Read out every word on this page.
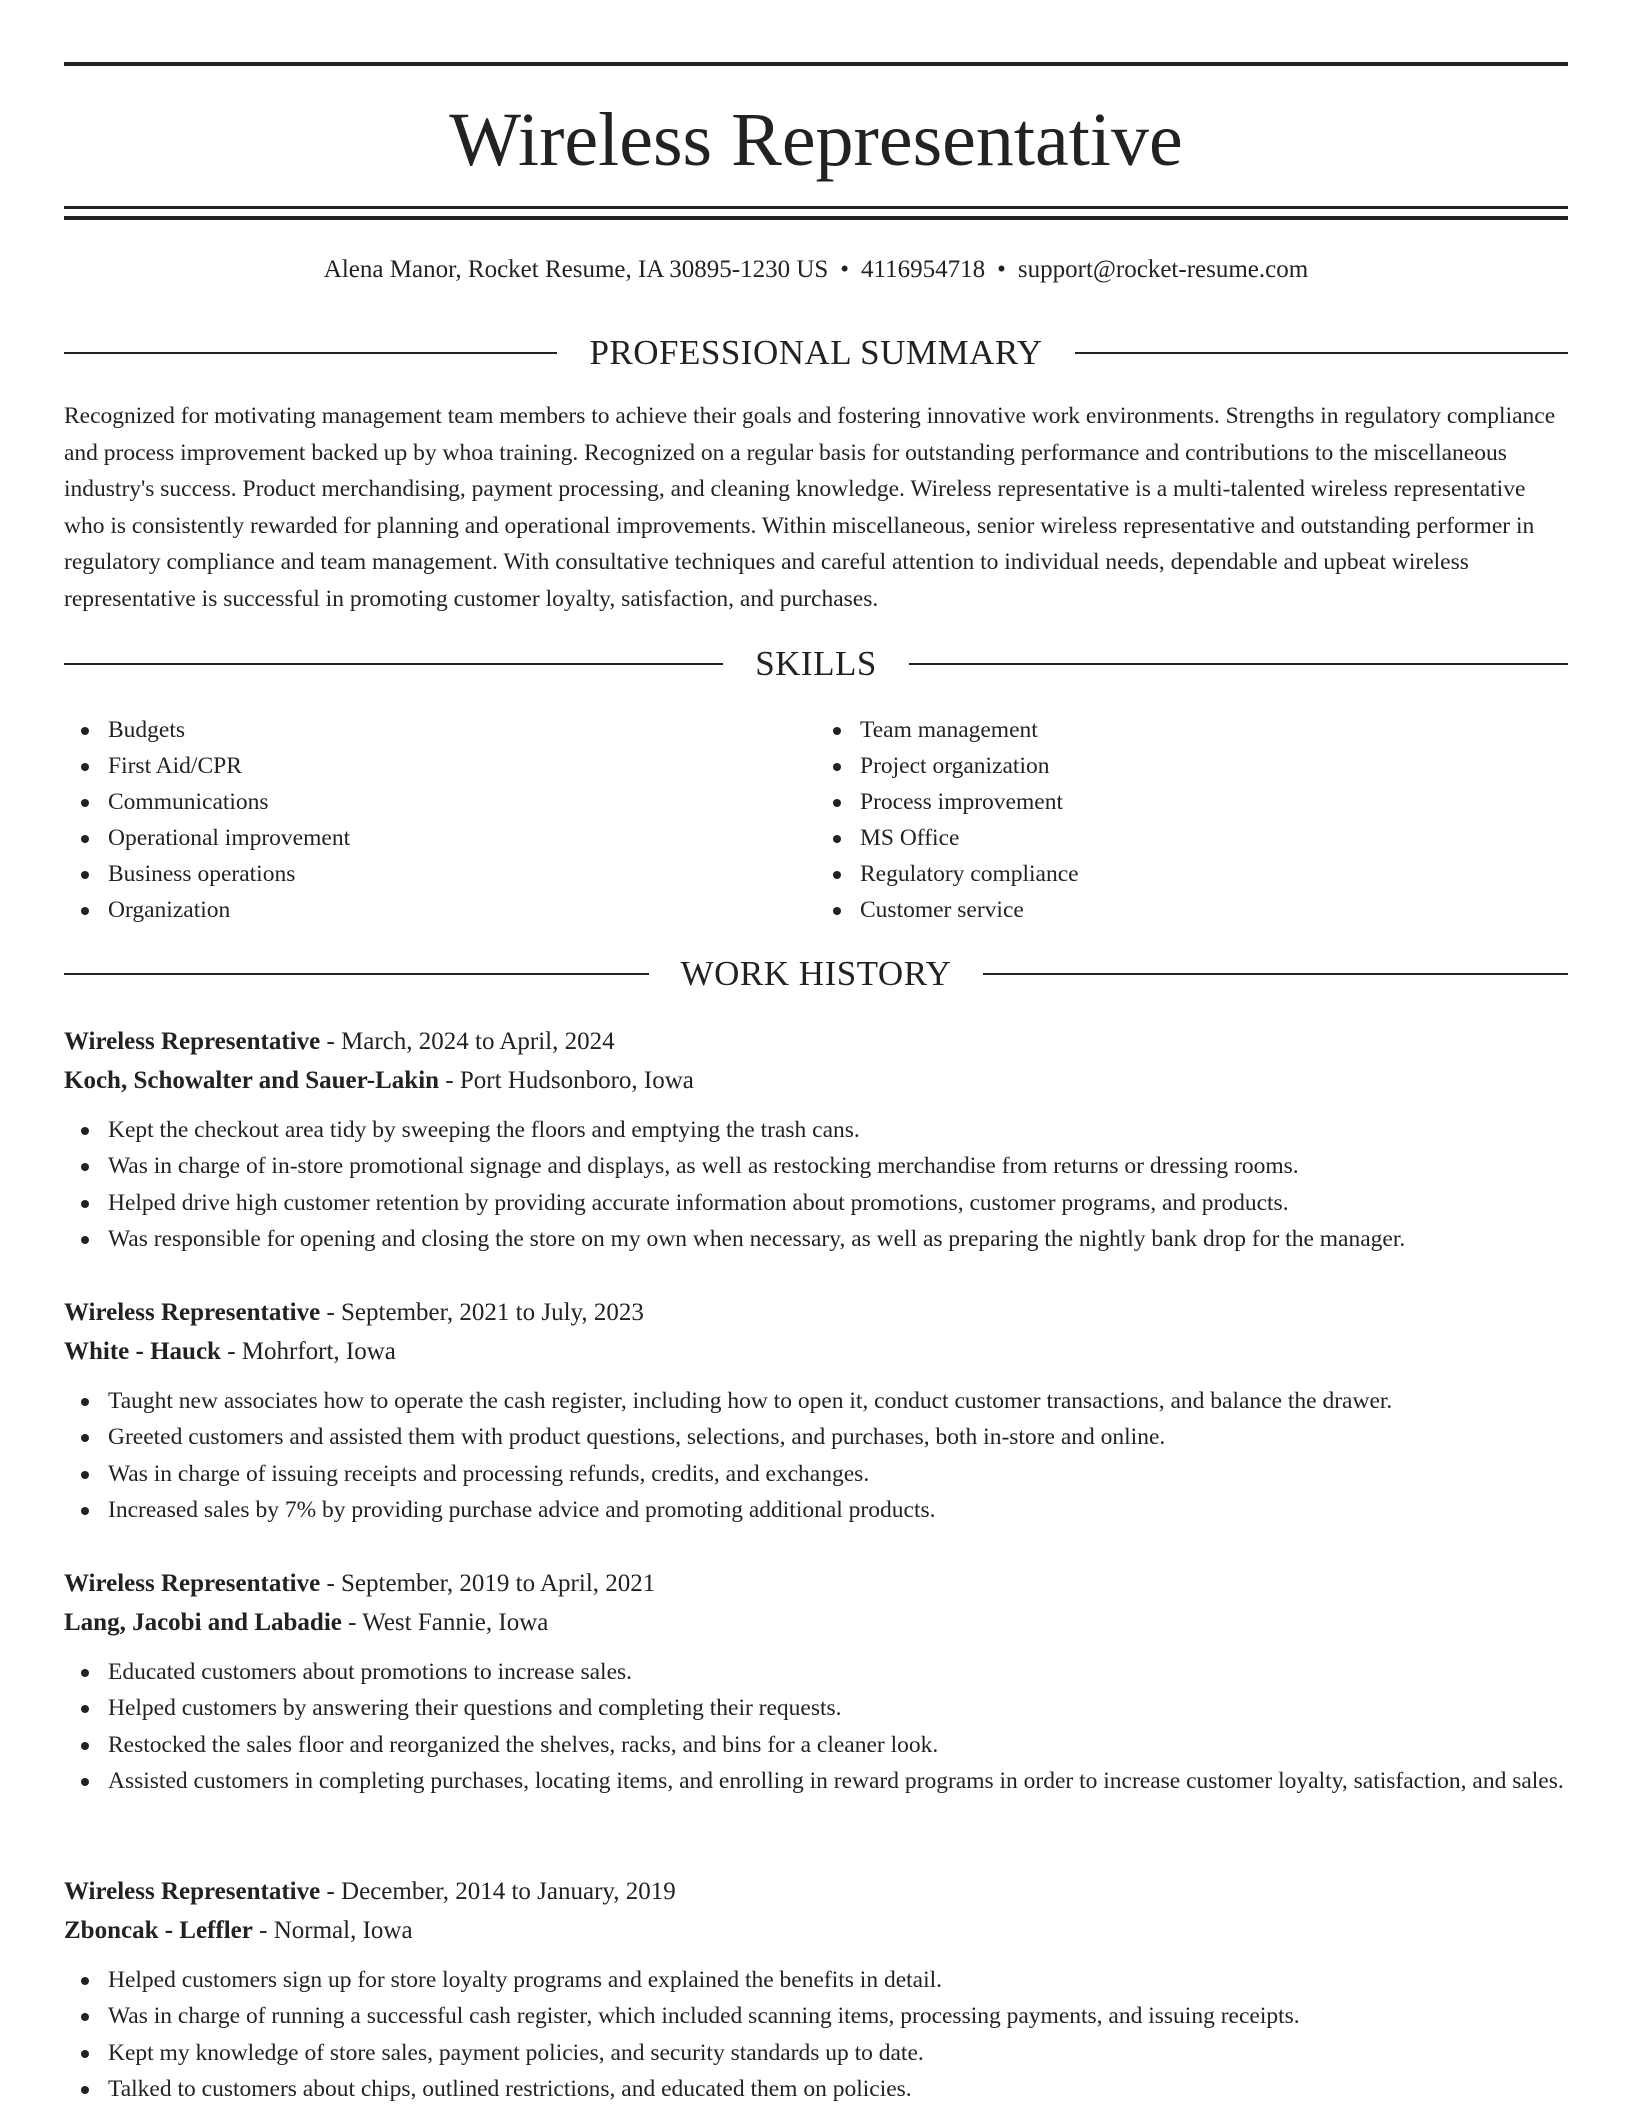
Wireless Representative
Alena Manor, Rocket Resume, IA 30895-1230 US • 4116954718 • support@rocket-resume.com
PROFESSIONAL SUMMARY

Recognized for motivating management team members to achieve their goals and fostering innovative work environments. Strengths in regulatory compliance and process improvement backed up by whoa training. Recognized on a regular basis for outstanding performance and contributions to the miscellaneous industry's success. Product merchandising, payment processing, and cleaning knowledge. Wireless representative is a multi-talented wireless representative who is consistently rewarded for planning and operational improvements. Within miscellaneous, senior wireless representative and outstanding performer in regulatory compliance and team management. With consultative techniques and careful attention to individual needs, dependable and upbeat wireless representative is successful in promoting customer loyalty, satisfaction, and purchases.

SKILLS
Budgets
First Aid/CPR
Communications
Operational improvement
Business operations
Organization
Team management
Project organization
Process improvement
MS Office
Regulatory compliance
Customer service
WORK HISTORY
Wireless Representative - March, 2024 to April, 2024
Koch, Schowalter and Sauer-Lakin - Port Hudsonboro, Iowa
Kept the checkout area tidy by sweeping the floors and emptying the trash cans.
Was in charge of in-store promotional signage and displays, as well as restocking merchandise from returns or dressing rooms.
Helped drive high customer retention by providing accurate information about promotions, customer programs, and products.
Was responsible for opening and closing the store on my own when necessary, as well as preparing the nightly bank drop for the manager.
Wireless Representative - September, 2021 to July, 2023
White - Hauck - Mohrfort, Iowa
Taught new associates how to operate the cash register, including how to open it, conduct customer transactions, and balance the drawer.
Greeted customers and assisted them with product questions, selections, and purchases, both in-store and online.
Was in charge of issuing receipts and processing refunds, credits, and exchanges.
Increased sales by 7% by providing purchase advice and promoting additional products.
Wireless Representative - September, 2019 to April, 2021
Lang, Jacobi and Labadie - West Fannie, Iowa
Educated customers about promotions to increase sales.
Helped customers by answering their questions and completing their requests.
Restocked the sales floor and reorganized the shelves, racks, and bins for a cleaner look.
Assisted customers in completing purchases, locating items, and enrolling in reward programs in order to increase customer loyalty, satisfaction, and sales.
Wireless Representative - December, 2014 to January, 2019
Zboncak - Leffler - Normal, Iowa
Helped customers sign up for store loyalty programs and explained the benefits in detail.
Was in charge of running a successful cash register, which included scanning items, processing payments, and issuing receipts.
Kept my knowledge of store sales, payment policies, and security standards up to date.
Talked to customers about chips, outlined restrictions, and educated them on policies.
